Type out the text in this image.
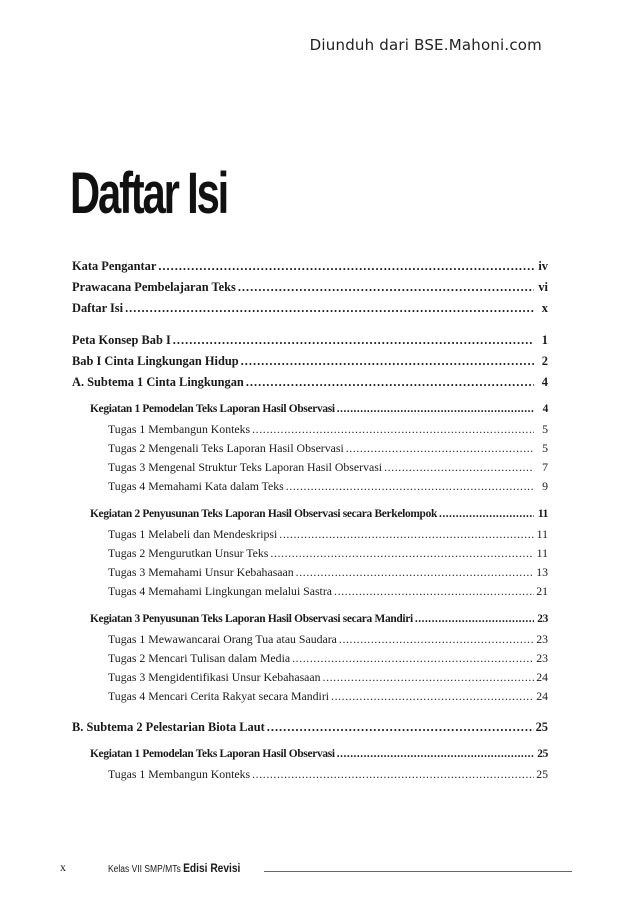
Diunduh dari BSE.Mahoni.com
Daftar Isi
Kata Pengantar .....	iv
Prawacana Pembelajaran Teks .....	vi
Daftar Isi .....	x
Peta Konsep Bab I .....	1
Bab I Cinta Lingkungan Hidup .....	2
A. Subtema 1 Cinta Lingkungan .....	4
Kegiatan 1 Pemodelan Teks Laporan Hasil Observasi .....	4
Tugas 1 Membangun Konteks .....	5
Tugas 2 Mengenali Teks Laporan Hasil Observasi .....	5
Tugas 3 Mengenal Struktur Teks Laporan Hasil Observasi .....	7
Tugas 4 Memahami Kata dalam Teks .....	9
Kegiatan 2 Penyusunan Teks Laporan Hasil Observasi secara Berkelompok .....	11
Tugas 1 Melabeli dan Mendeskripsi .....	11
Tugas 2 Mengurutkan Unsur Teks .....	11
Tugas 3 Memahami Unsur Kebahasaan .....	13
Tugas 4 Memahami Lingkungan melalui Sastra .....	21
Kegiatan 3 Penyusunan Teks Laporan Hasil Observasi secara Mandiri .....	23
Tugas 1 Mewawancarai Orang Tua atau Saudara .....	23
Tugas 2 Mencari Tulisan dalam Media .....	23
Tugas 3 Mengidentifikasi Unsur Kebahasaan .....	24
Tugas 4 Mencari Cerita Rakyat secara Mandiri .....	24
B. Subtema 2 Pelestarian Biota Laut .....	25
Kegiatan 1 Pemodelan Teks Laporan Hasil Observasi .....	25
Tugas 1 Membangun Konteks .....	25
x	Kelas VII SMP/MTs Edisi Revisi
